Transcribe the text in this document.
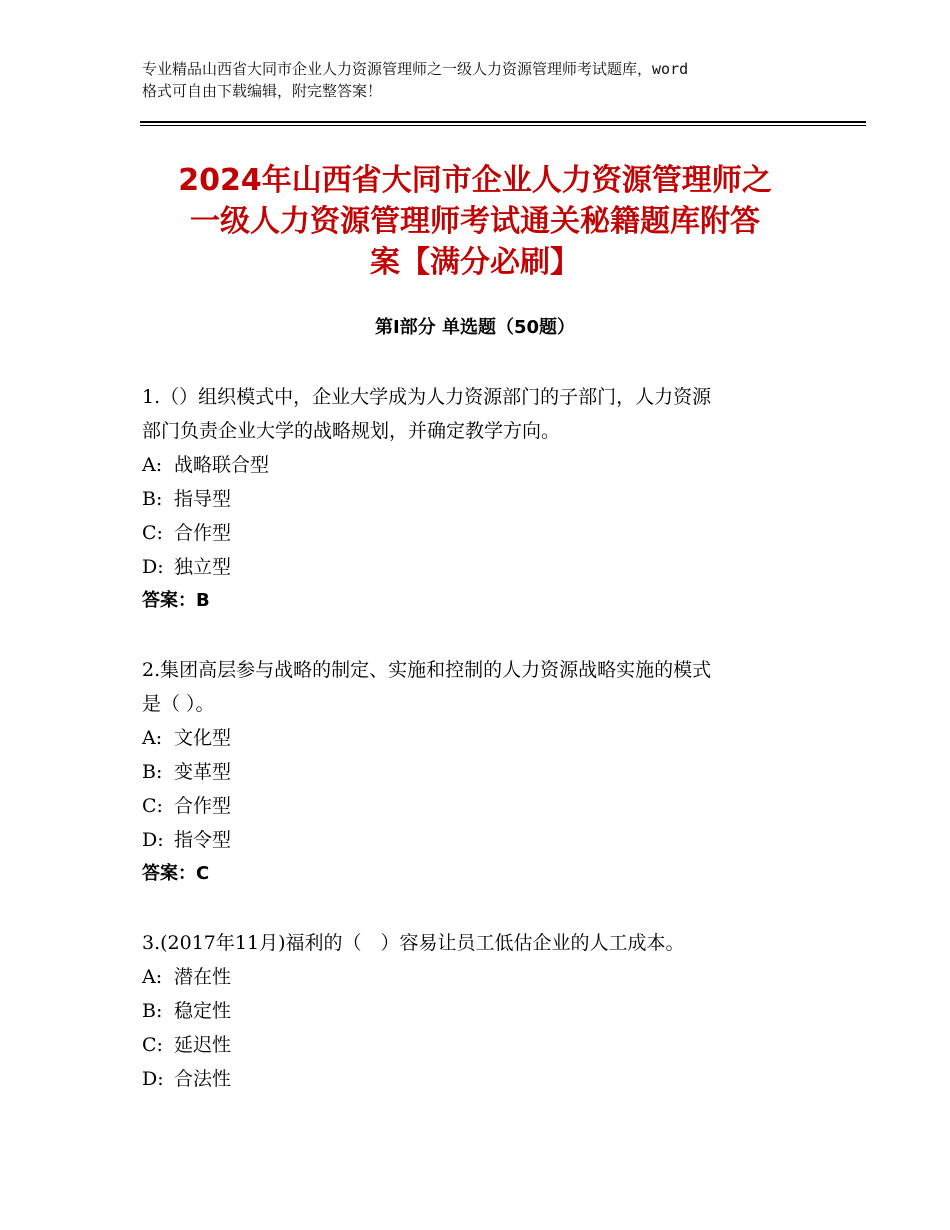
专业精品山西省大同市企业人力资源管理师之一级人力资源管理师考试题库，word
格式可自由下载编辑，附完整答案！
2024年山西省大同市企业人力资源管理师之
一级人力资源管理师考试通关秘籍题库附答
案【满分必刷】
第Ⅰ部分 单选题（50题）
1.（）组织模式中，企业大学成为人力资源部门的子部门，人力资源
部门负责企业大学的战略规划，并确定教学方向。
A: 战略联合型
B: 指导型
C: 合作型
D: 独立型
答案：B
2.集团高层参与战略的制定、实施和控制的人力资源战略实施的模式
是（ ）。
A: 文化型
B: 变革型
C: 合作型
D: 指令型
答案：C
3.(2017年11月)福利的（　）容易让员工低估企业的人工成本。
A: 潜在性
B: 稳定性
C: 延迟性
D: 合法性
